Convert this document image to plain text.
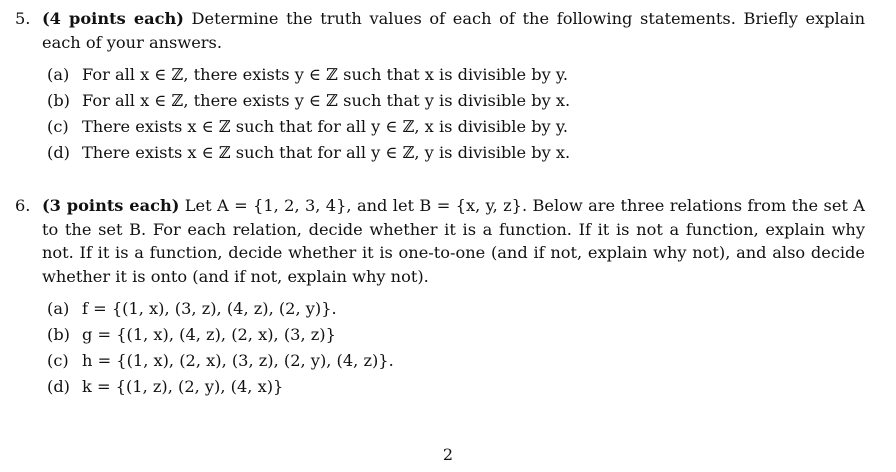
5. (4 points each) Determine the truth values of each of the following statements. Briefly explain each of your answers.
(a) For all x ∈ ℤ, there exists y ∈ ℤ such that x is divisible by y.
(b) For all x ∈ ℤ, there exists y ∈ ℤ such that y is divisible by x.
(c) There exists x ∈ ℤ such that for all y ∈ ℤ, x is divisible by y.
(d) There exists x ∈ ℤ such that for all y ∈ ℤ, y is divisible by x.
6. (3 points each) Let A = {1, 2, 3, 4}, and let B = {x, y, z}. Below are three relations from the set A to the set B. For each relation, decide whether it is a function. If it is not a function, explain why not. If it is a function, decide whether it is one-to-one (and if not, explain why not), and also decide whether it is onto (and if not, explain why not).
(a) f = {(1, x), (3, z), (4, z), (2, y)}.
(b) g = {(1, x), (4, z), (2, x), (3, z)}
(c) h = {(1, x), (2, x), (3, z), (2, y), (4, z)}.
(d) k = {(1, z), (2, y), (4, x)}
2
